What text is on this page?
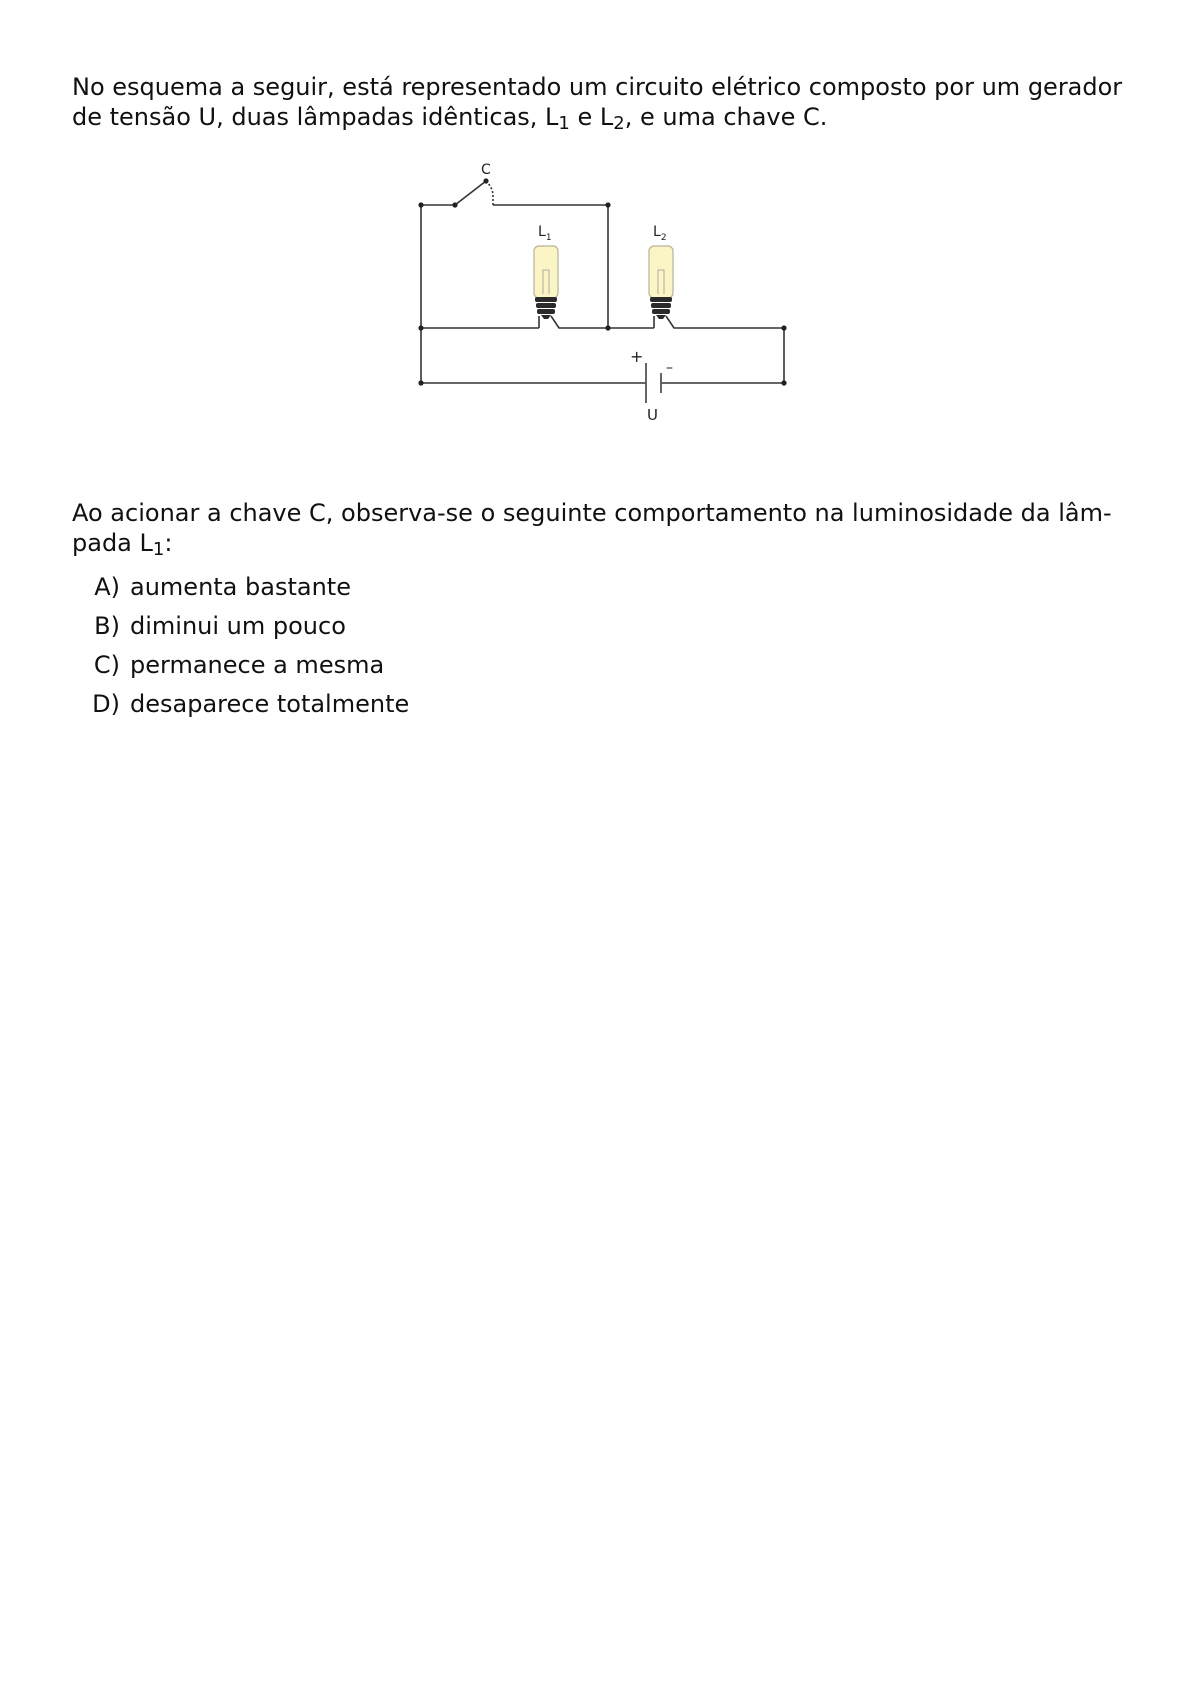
No esquema a seguir, está representado um circuito elétrico composto por um gerador de tensão U, duas lâmpadas idênticas, $L_1$ e $L_2$, e uma chave C.

C
$L_1$	$L_2$
+
–
U

Ao acionar a chave C, observa-se o seguinte comportamento na luminosidade da lâm-pada $L_1$:

A) aumenta bastante
B) diminui um pouco
C) permanece a mesma
D) desaparece totalmente
